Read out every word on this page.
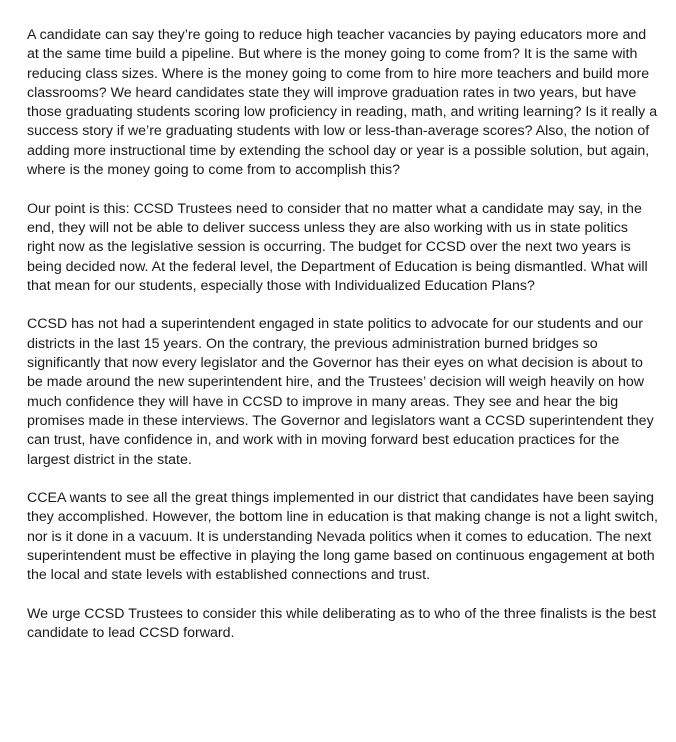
A candidate can say they’re going to reduce high teacher vacancies by paying educators more and at the same time build a pipeline. But where is the money going to come from? It is the same with reducing class sizes. Where is the money going to come from to hire more teachers and build more classrooms? We heard candidates state they will improve graduation rates in two years, but have those graduating students scoring low proficiency in reading, math, and writing learning? Is it really a success story if we’re graduating students with low or less-than-average scores? Also, the notion of adding more instructional time by extending the school day or year is a possible solution, but again, where is the money going to come from to accomplish this?

Our point is this: CCSD Trustees need to consider that no matter what a candidate may say, in the end, they will not be able to deliver success unless they are also working with us in state politics right now as the legislative session is occurring. The budget for CCSD over the next two years is being decided now. At the federal level, the Department of Education is being dismantled. What will that mean for our students, especially those with Individualized Education Plans?

CCSD has not had a superintendent engaged in state politics to advocate for our students and our districts in the last 15 years. On the contrary, the previous administration burned bridges so significantly that now every legislator and the Governor has their eyes on what decision is about to be made around the new superintendent hire, and the Trustees’ decision will weigh heavily on how much confidence they will have in CCSD to improve in many areas. They see and hear the big promises made in these interviews. The Governor and legislators want a CCSD superintendent they can trust, have confidence in, and work with in moving forward best education practices for the largest district in the state.

CCEA wants to see all the great things implemented in our district that candidates have been saying they accomplished. However, the bottom line in education is that making change is not a light switch, nor is it done in a vacuum. It is understanding Nevada politics when it comes to education. The next superintendent must be effective in playing the long game based on continuous engagement at both the local and state levels with established connections and trust.

We urge CCSD Trustees to consider this while deliberating as to who of the three finalists is the best candidate to lead CCSD forward.
